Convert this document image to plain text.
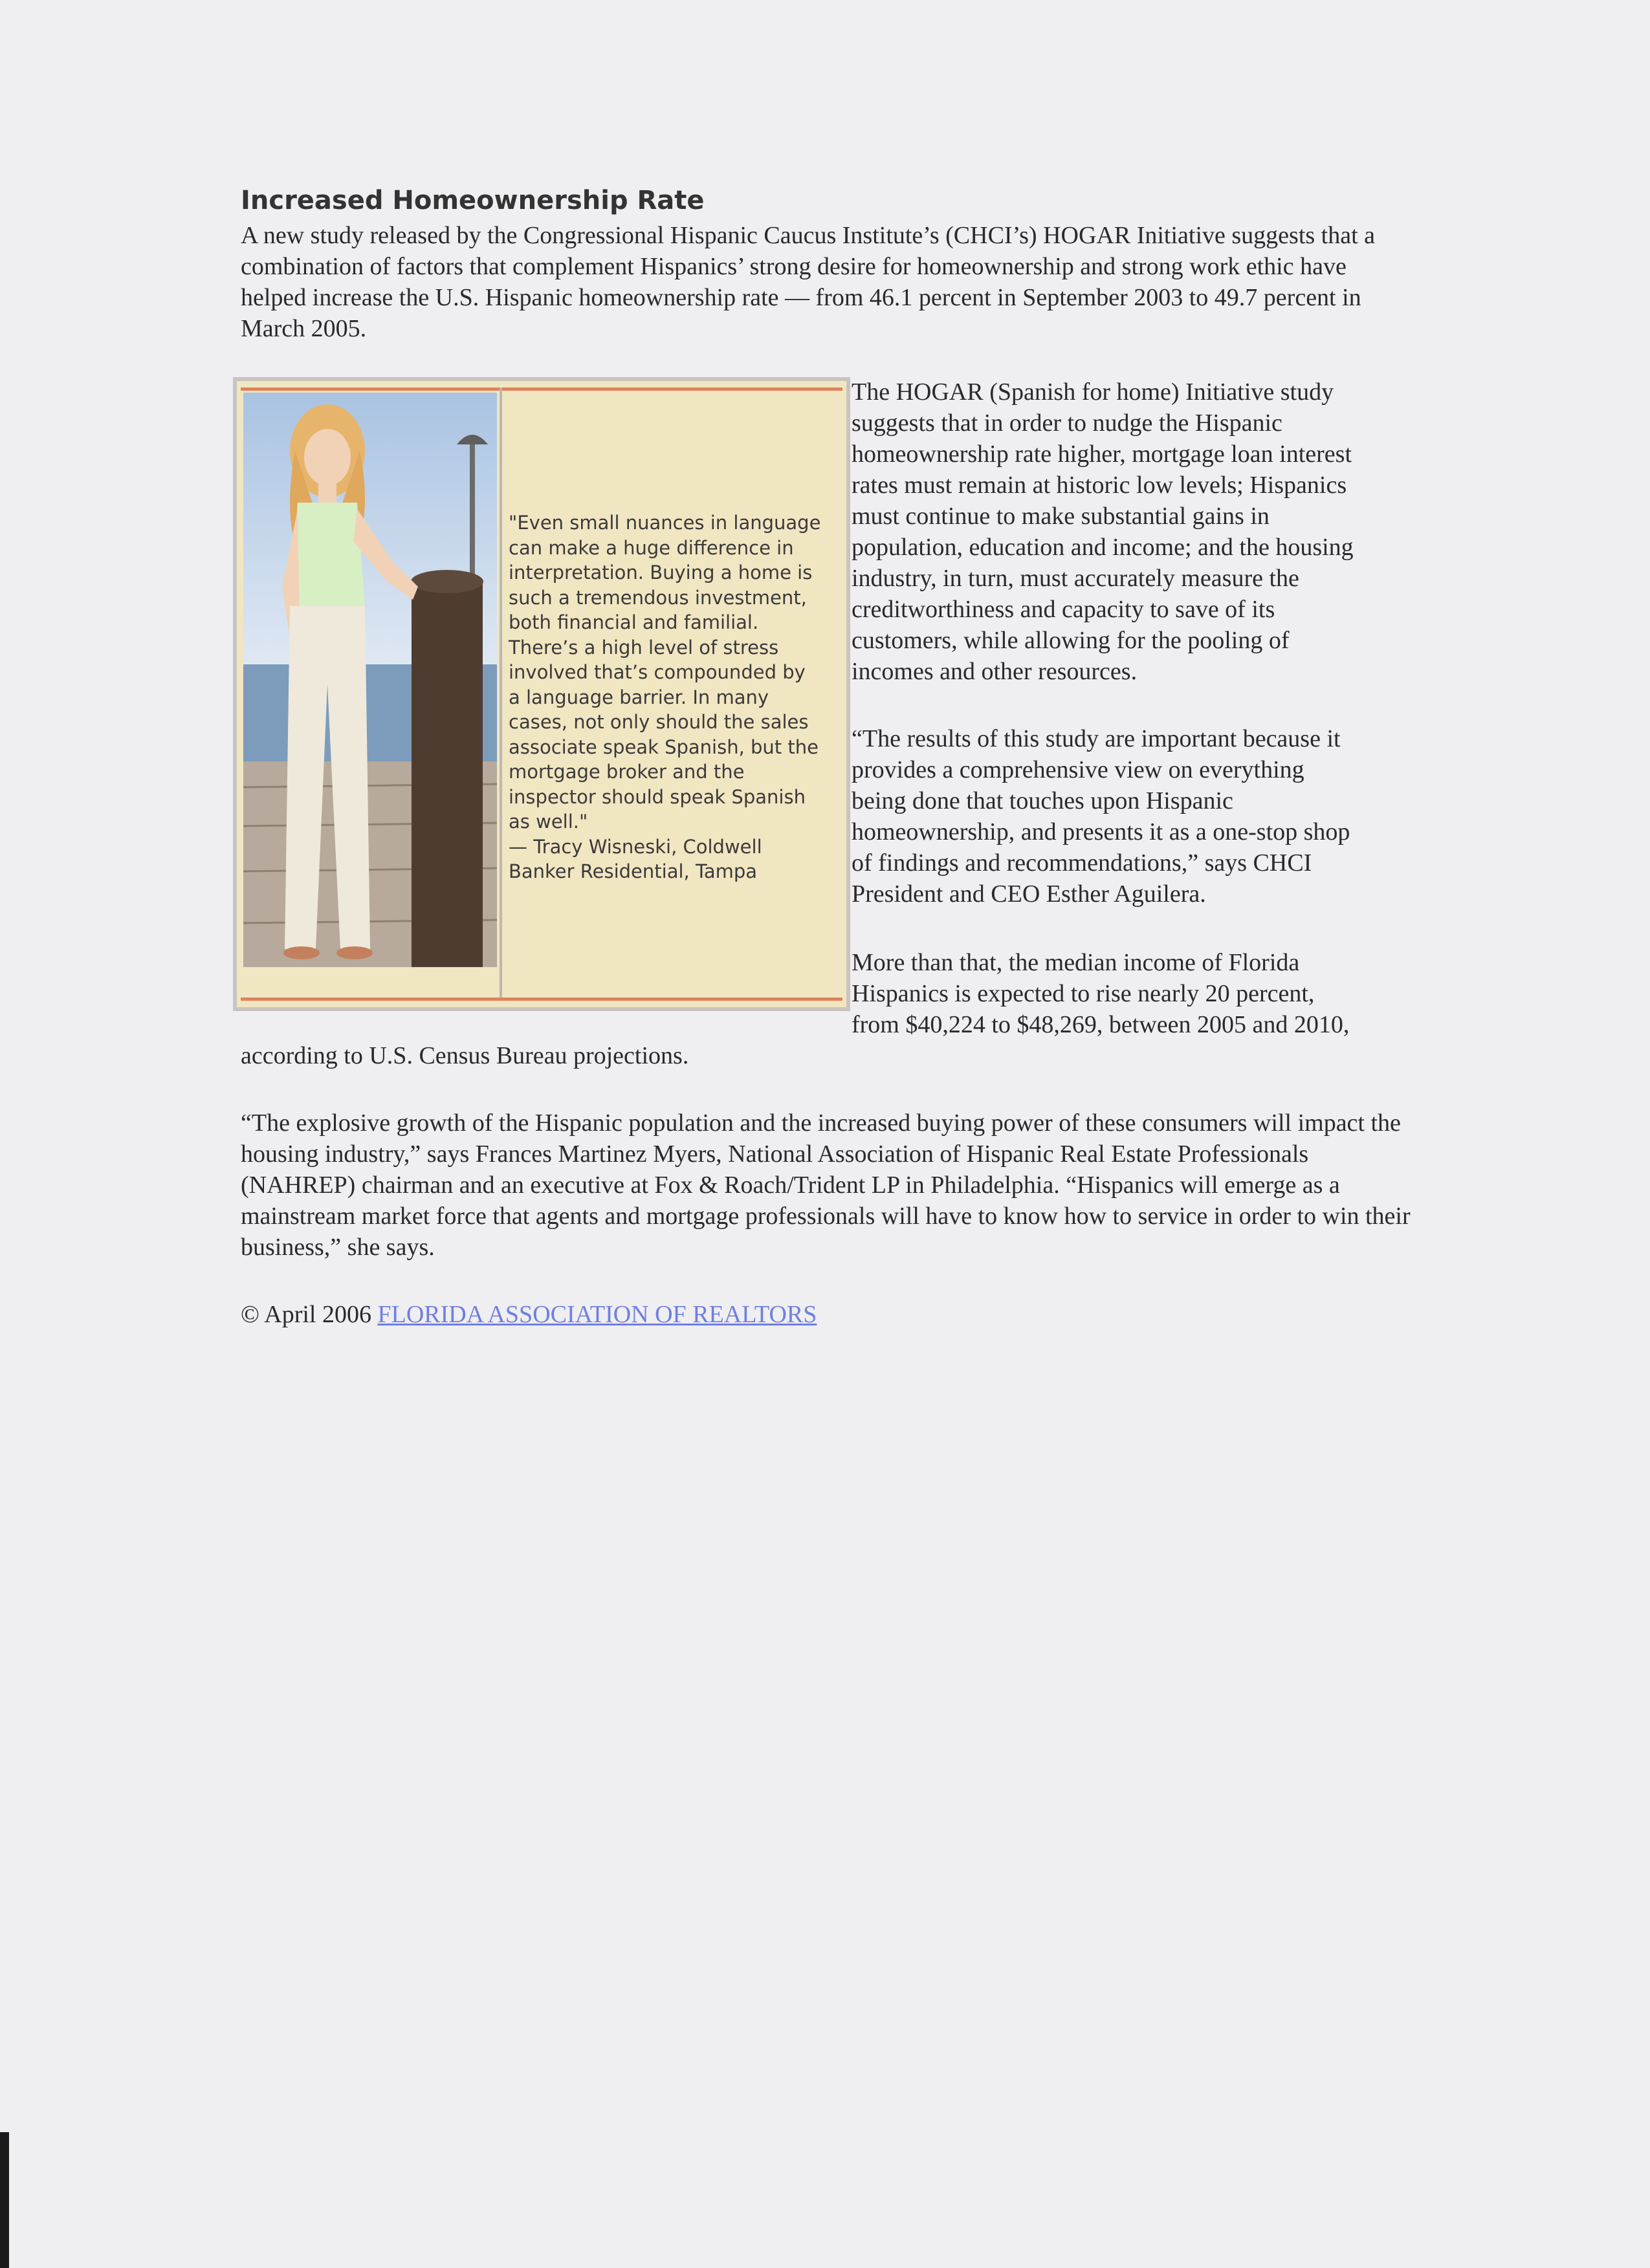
Increased Homeownership Rate

A new study released by the Congressional Hispanic Caucus Institute’s (CHCI’s) HOGAR Initiative suggests that a combination of factors that complement Hispanics’ strong desire for homeownership and strong work ethic have helped increase the U.S. Hispanic homeownership rate — from 46.1 percent in September 2003 to 49.7 percent in March 2005.

"Even small nuances in language
can make a huge difference in
interpretation. Buying a home is
such a tremendous investment,
both financial and familial.
There’s a high level of stress
involved that’s compounded by
a language barrier. In many
cases, not only should the sales
associate speak Spanish, but the
mortgage broker and the
inspector should speak Spanish
as well."
— Tracy Wisneski, Coldwell
Banker Residential, Tampa
The HOGAR (Spanish for home) Initiative study
suggests that in order to nudge the Hispanic
homeownership rate higher, mortgage loan interest
rates must remain at historic low levels; Hispanics
must continue to make substantial gains in
population, education and income; and the housing
industry, in turn, must accurately measure the
creditworthiness and capacity to save of its
customers, while allowing for the pooling of
incomes and other resources.
“The results of this study are important because it
provides a comprehensive view on everything
being done that touches upon Hispanic
homeownership, and presents it as a one-stop shop
of findings and recommendations,” says CHCI
President and CEO Esther Aguilera.
More than that, the median income of Florida
Hispanics is expected to rise nearly 20 percent,
from $40,224 to $48,269, between 2005 and 2010,

according to U.S. Census Bureau projections.

“The explosive growth of the Hispanic population and the increased buying power of these consumers will impact the housing industry,” says Frances Martinez Myers, National Association of Hispanic Real Estate Professionals (NAHREP) chairman and an executive at Fox & Roach/Trident LP in Philadelphia. “Hispanics will emerge as a mainstream market force that agents and mortgage professionals will have to know how to service in order to win their business,” she says.

© April 2006 FLORIDA ASSOCIATION OF REALTORS
